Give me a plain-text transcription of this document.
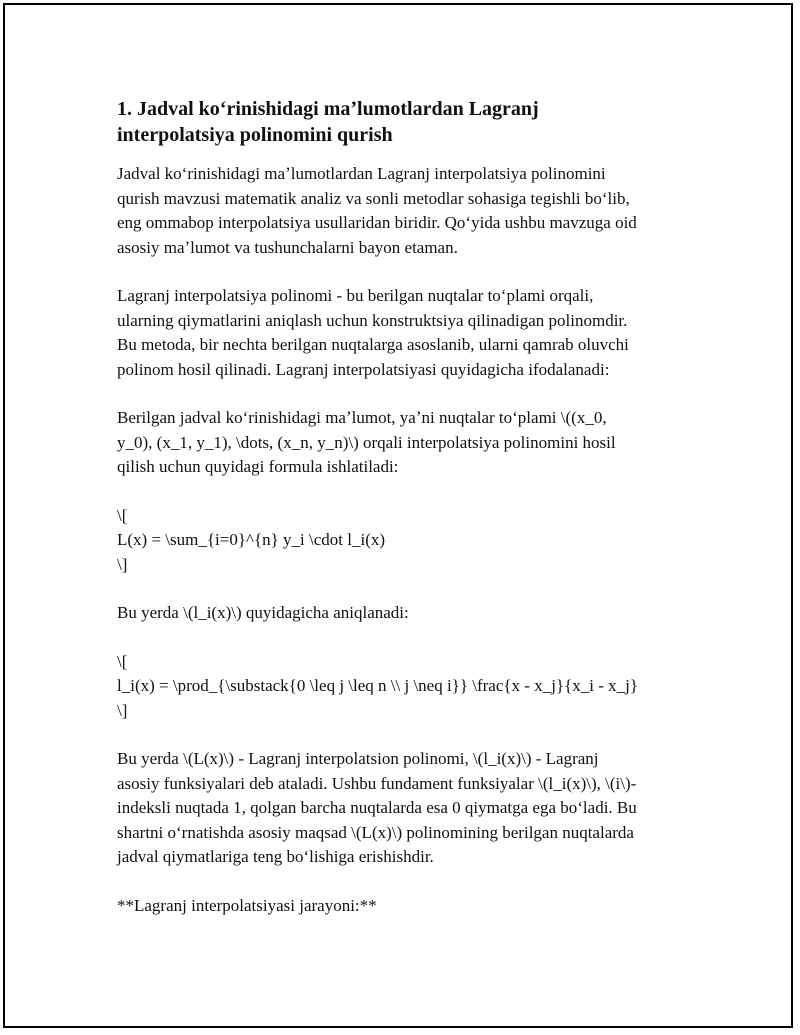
1. Jadval koʻrinishidagi maʼlumotlardan Lagranj
interpolatsiya polinomini qurish

Jadval koʻrinishidagi maʼlumotlardan Lagranj interpolatsiya polinomini
qurish mavzusi matematik analiz va sonli metodlar sohasiga tegishli boʻlib,
eng ommabop interpolatsiya usullaridan biridir. Qoʻyida ushbu mavzuga oid
asosiy maʼlumot va tushunchalarni bayon etaman.

Lagranj interpolatsiya polinomi - bu berilgan nuqtalar toʻplami orqali,
ularning qiymatlarini aniqlash uchun konstruktsiya qilinadigan polinomdir.
Bu metoda, bir nechta berilgan nuqtalarga asoslanib, ularni qamrab oluvchi
polinom hosil qilinadi. Lagranj interpolatsiyasi quyidagicha ifodalanadi:

Berilgan jadval koʻrinishidagi maʼlumot, yaʼni nuqtalar toʻplami \((x_0,
y_0), (x_1, y_1), \dots, (x_n, y_n)\) orqali interpolatsiya polinomini hosil
qilish uchun quyidagi formula ishlatiladi:

\[
L(x) = \sum_{i=0}^{n} y_i \cdot l_i(x)
\]

Bu yerda \(l_i(x)\) quyidagicha aniqlanadi:

\[
l_i(x) = \prod_{\substack{0 \leq j \leq n \\ j \neq i}} \frac{x - x_j}{x_i - x_j}
\]

Bu yerda \(L(x)\) - Lagranj interpolatsion polinomi, \(l_i(x)\) - Lagranj
asosiy funksiyalari deb ataladi. Ushbu fundament funksiyalar \(l_i(x)\), \(i\)-
indeksli nuqtada 1, qolgan barcha nuqtalarda esa 0 qiymatga ega boʻladi. Bu
shartni oʻrnatishda asosiy maqsad \(L(x)\) polinomining berilgan nuqtalarda
jadval qiymatlariga teng boʻlishiga erishishdir.

**Lagranj interpolatsiyasi jarayoni:**
